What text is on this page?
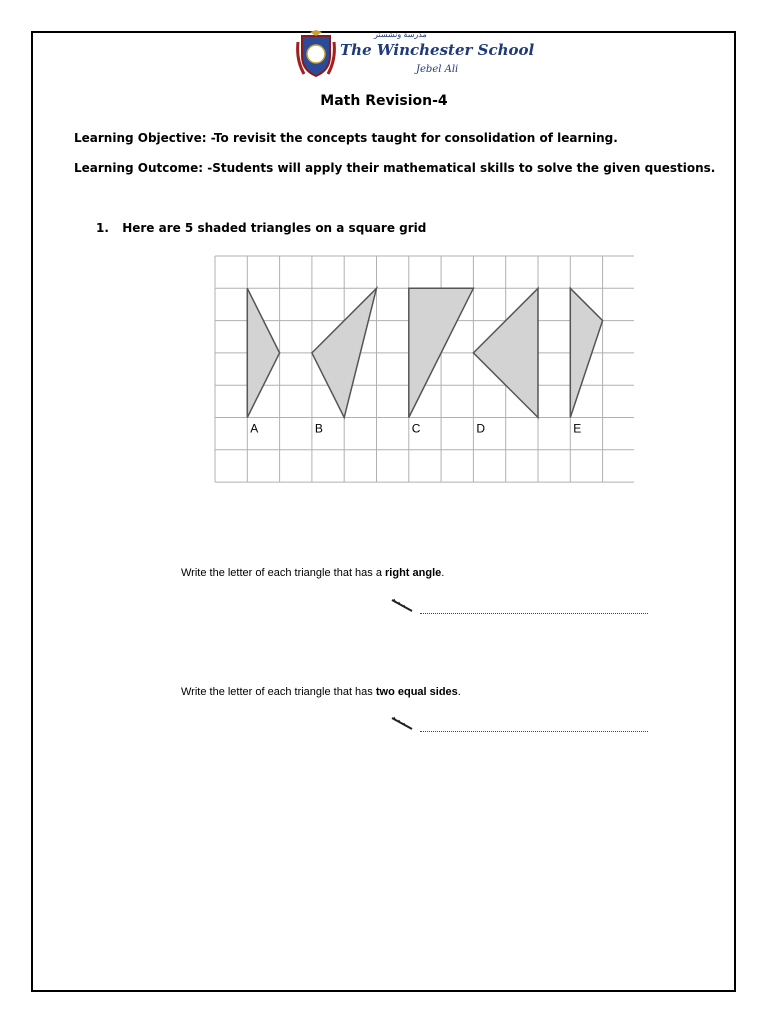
مدرسة ونشستر
The Winchester School
Jebel Ali
Math Revision-4
Learning Objective: -To revisit the concepts taught for consolidation of learning.
Learning Outcome: -Students will apply their mathematical skills to solve the given questions.
1. Here are 5 shaded triangles on a square grid
A	B	C	D	E
Write the letter of each triangle that has a right angle.
Write the letter of each triangle that has two equal sides.
